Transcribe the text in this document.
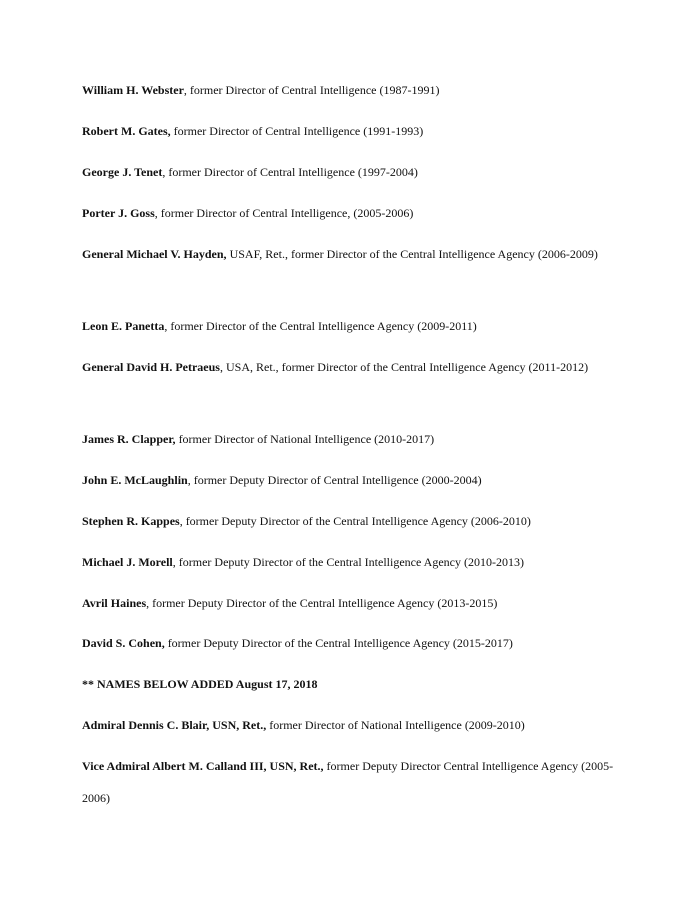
William H. Webster, former Director of Central Intelligence (1987-1991)

Robert M. Gates, former Director of Central Intelligence (1991-1993)

George J. Tenet, former Director of Central Intelligence (1997-2004)

Porter J. Goss, former Director of Central Intelligence, (2005-2006)

General Michael V. Hayden, USAF, Ret., former Director of the Central Intelligence Agency (2006-2009)

Leon E. Panetta, former Director of the Central Intelligence Agency (2009-2011)

General David H. Petraeus, USA, Ret., former Director of the Central Intelligence Agency (2011-2012)

James R. Clapper, former Director of National Intelligence (2010-2017)

John E. McLaughlin, former Deputy Director of Central Intelligence (2000-2004)

Stephen R. Kappes, former Deputy Director of the Central Intelligence Agency (2006-2010)

Michael J. Morell, former Deputy Director of the Central Intelligence Agency (2010-2013)

Avril Haines, former Deputy Director of the Central Intelligence Agency (2013-2015)

David S. Cohen, former Deputy Director of the Central Intelligence Agency (2015-2017)

** NAMES BELOW ADDED August 17, 2018

Admiral Dennis C. Blair, USN, Ret., former Director of National Intelligence (2009-2010)

Vice Admiral Albert M. Calland III, USN, Ret., former Deputy Director Central Intelligence Agency (2005-2006)
